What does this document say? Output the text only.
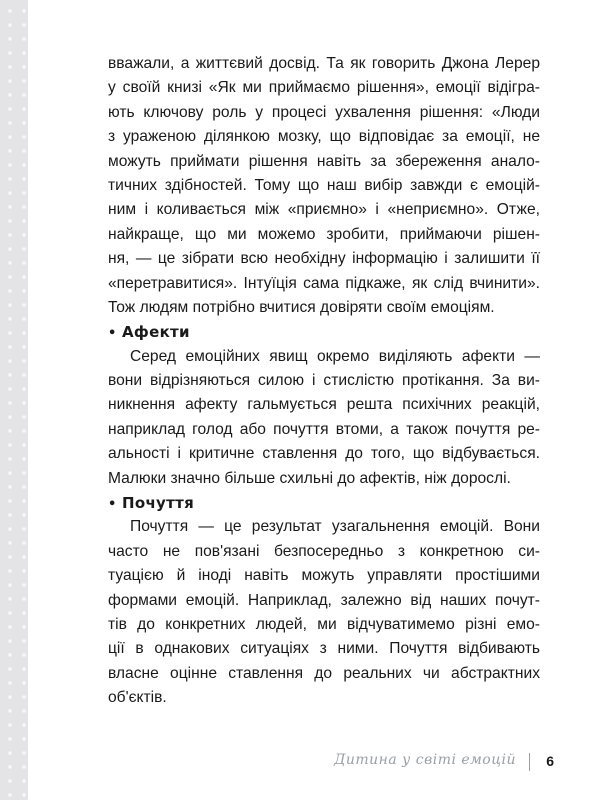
вважали, а життєвий досвід. Та як говорить Джона Лерер
у своїй книзі «Як ми приймаємо рішення», емоції відігра-
ють ключову роль у процесі ухвалення рішення: «Люди
з ураженою ділянкою мозку, що відповідає за емоції, не
можуть приймати рішення навіть за збереження анало-
тичних здібностей. Тому що наш вибір завжди є емоцій-
ним і коливається між «приємно» і «неприємно». Отже,
найкраще, що ми можемо зробити, приймаючи рішен-
ня, — це зібрати всю необхідну інформацію і залишити її
«перетравитися». Інтуїція сама підкаже, як слід вчинити».
Тож людям потрібно вчитися довіряти своїм емоціям.
• Афекти
Серед емоційних явищ окремо виділяють афекти —
вони відрізняються силою і стислістю протікання. За ви-
никнення афекту гальмується решта психічних реакцій,
наприклад голод або почуття втоми, а також почуття ре-
альності і критичне ставлення до того, що відбувається.
Малюки значно більше схильні до афектів, ніж дорослі.
• Почуття
Почуття — це результат узагальнення емоцій. Вони
часто не пов'язані безпосередньо з конкретною си-
туацією й іноді навіть можуть управляти простішими
формами емоцій. Наприклад, залежно від наших почут-
тів до конкретних людей, ми відчуватимемо різні емо-
ції в однакових ситуаціях з ними. Почуття відбивають
власне оцінне ставлення до реальних чи абстрактних
об'єктів.
Дитина у світі емоцій 6
